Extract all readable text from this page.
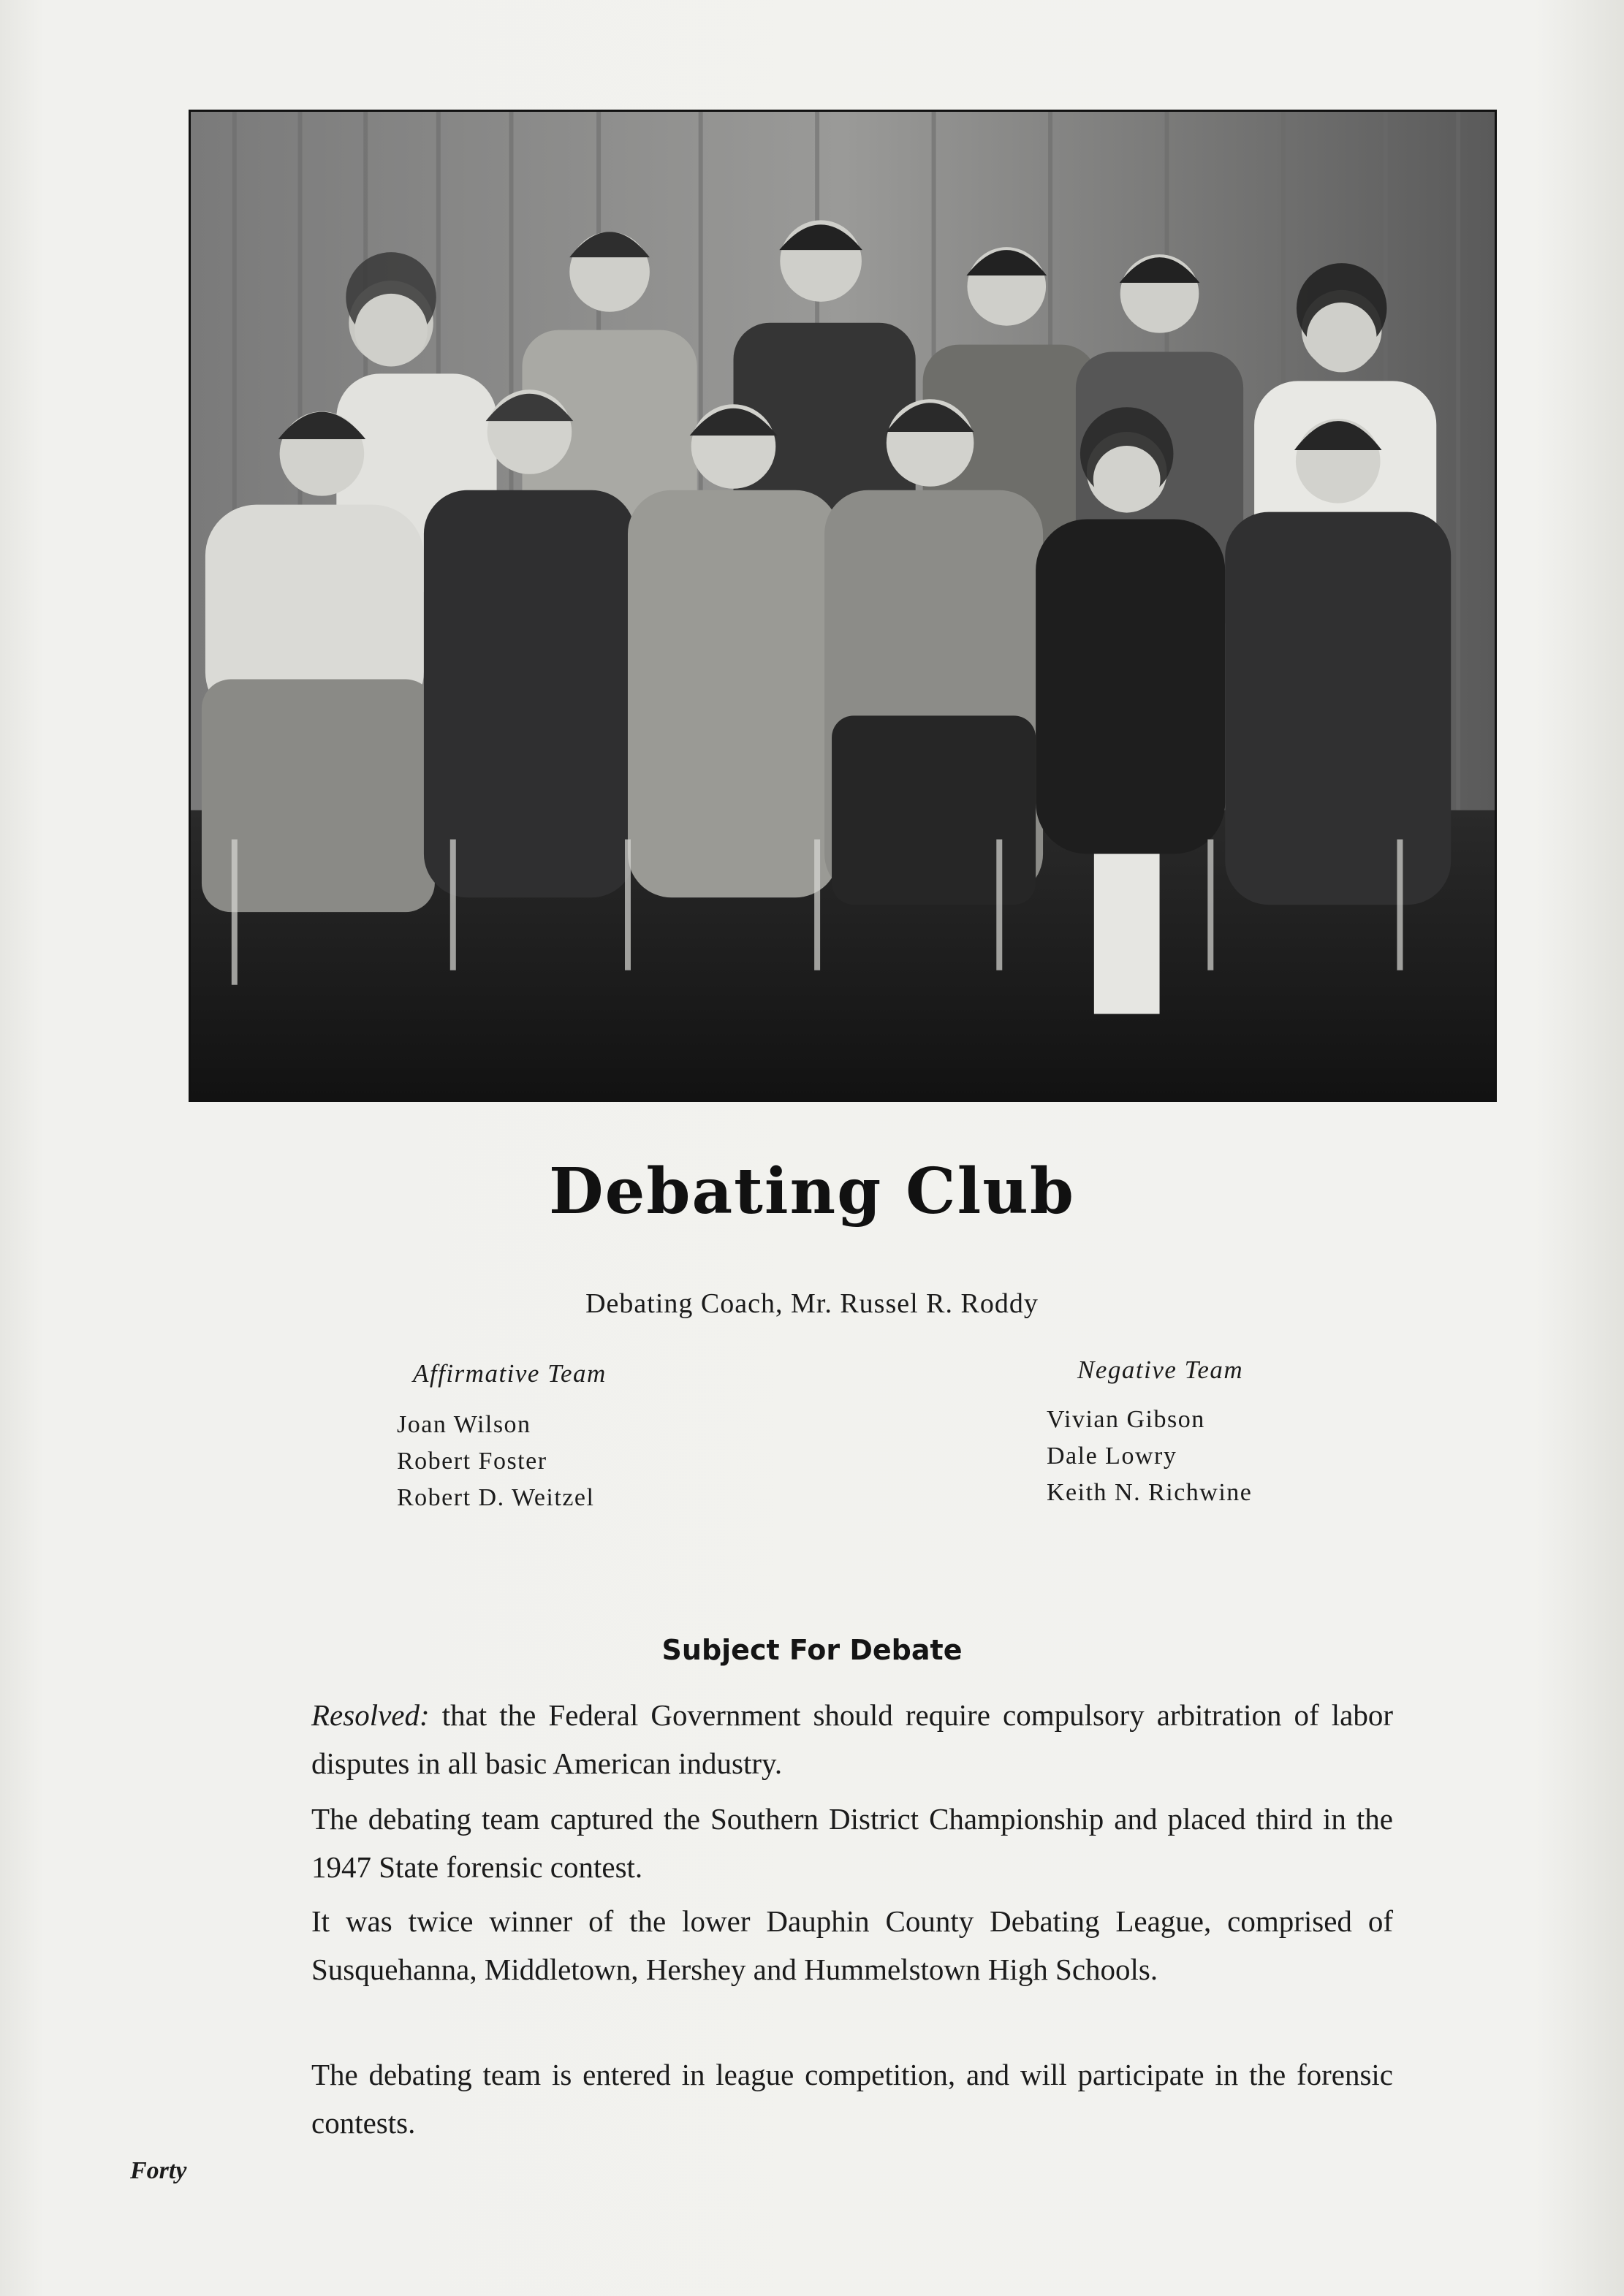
Debating Club
Debating Coach, Mr. Russel R. Roddy
Affirmative Team
Joan Wilson
Robert Foster
Robert D. Weitzel
Negative Team
Vivian Gibson
Dale Lowry
Keith N. Richwine
Subject For Debate

Resolved: that the Federal Government should require compulsory arbitration of labor disputes in all basic American industry.

The debating team captured the Southern District Championship and placed third in the 1947 State forensic contest.

It was twice winner of the lower Dauphin County Debating League, comprised of Susquehanna, Middletown, Hershey and Hummelstown High Schools.

The debating team is entered in league competition, and will participate in the forensic contests.

Forty
